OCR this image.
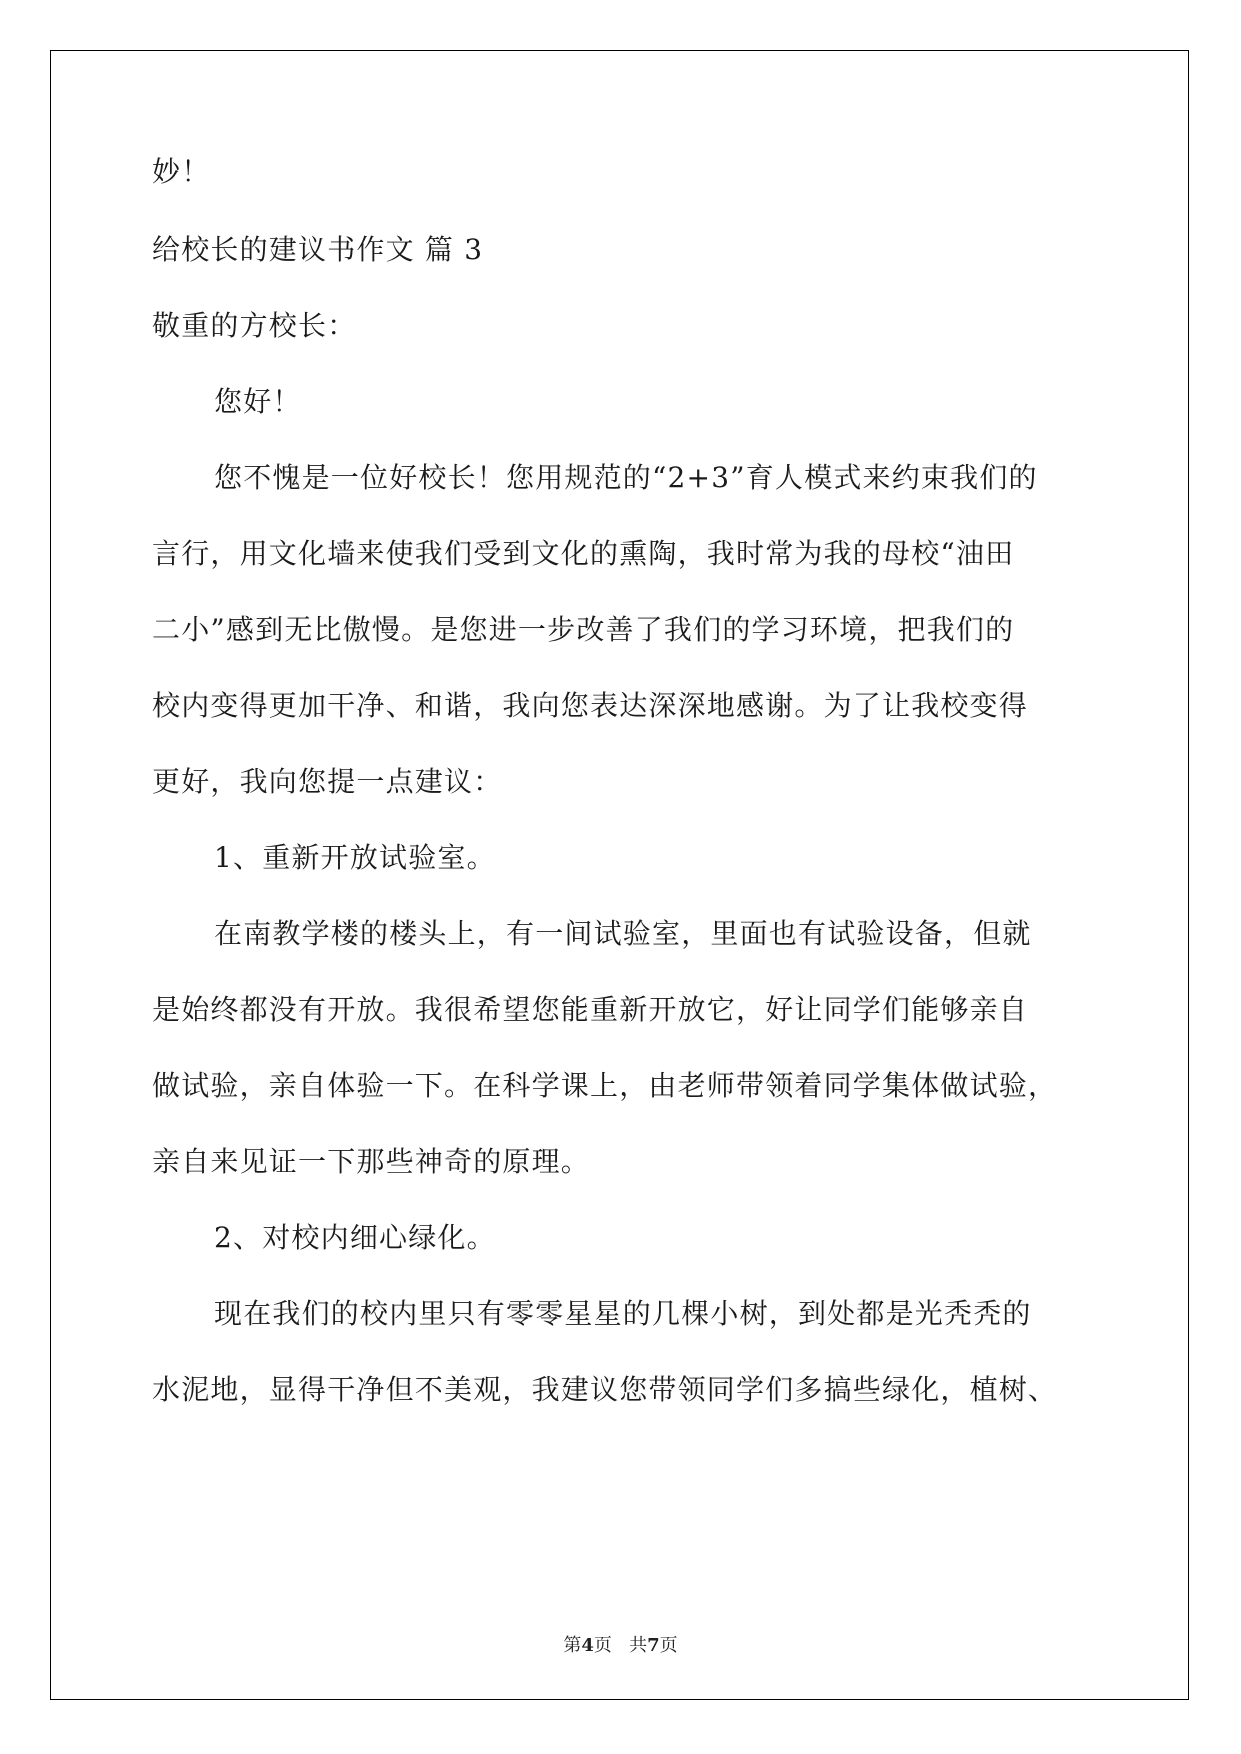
妙！

给校长的建议书作文 篇 3

敬重的方校长：

您好！

您不愧是一位好校长！您用规范的“2+3”育人模式来约束我们的

言行，用文化墙来使我们受到文化的熏陶，我时常为我的母校“油田

二小”感到无比傲慢。是您进一步改善了我们的学习环境，把我们的

校内变得更加干净、和谐，我向您表达深深地感谢。为了让我校变得

更好，我向您提一点建议：

1、重新开放试验室。

在南教学楼的楼头上，有一间试验室，里面也有试验设备，但就

是始终都没有开放。我很希望您能重新开放它，好让同学们能够亲自

做试验，亲自体验一下。在科学课上，由老师带领着同学集体做试验，

亲自来见证一下那些神奇的原理。

2、对校内细心绿化。

现在我们的校内里只有零零星星的几棵小树，到处都是光秃秃的

水泥地，显得干净但不美观，我建议您带领同学们多搞些绿化，植树、

第4页 共7页
